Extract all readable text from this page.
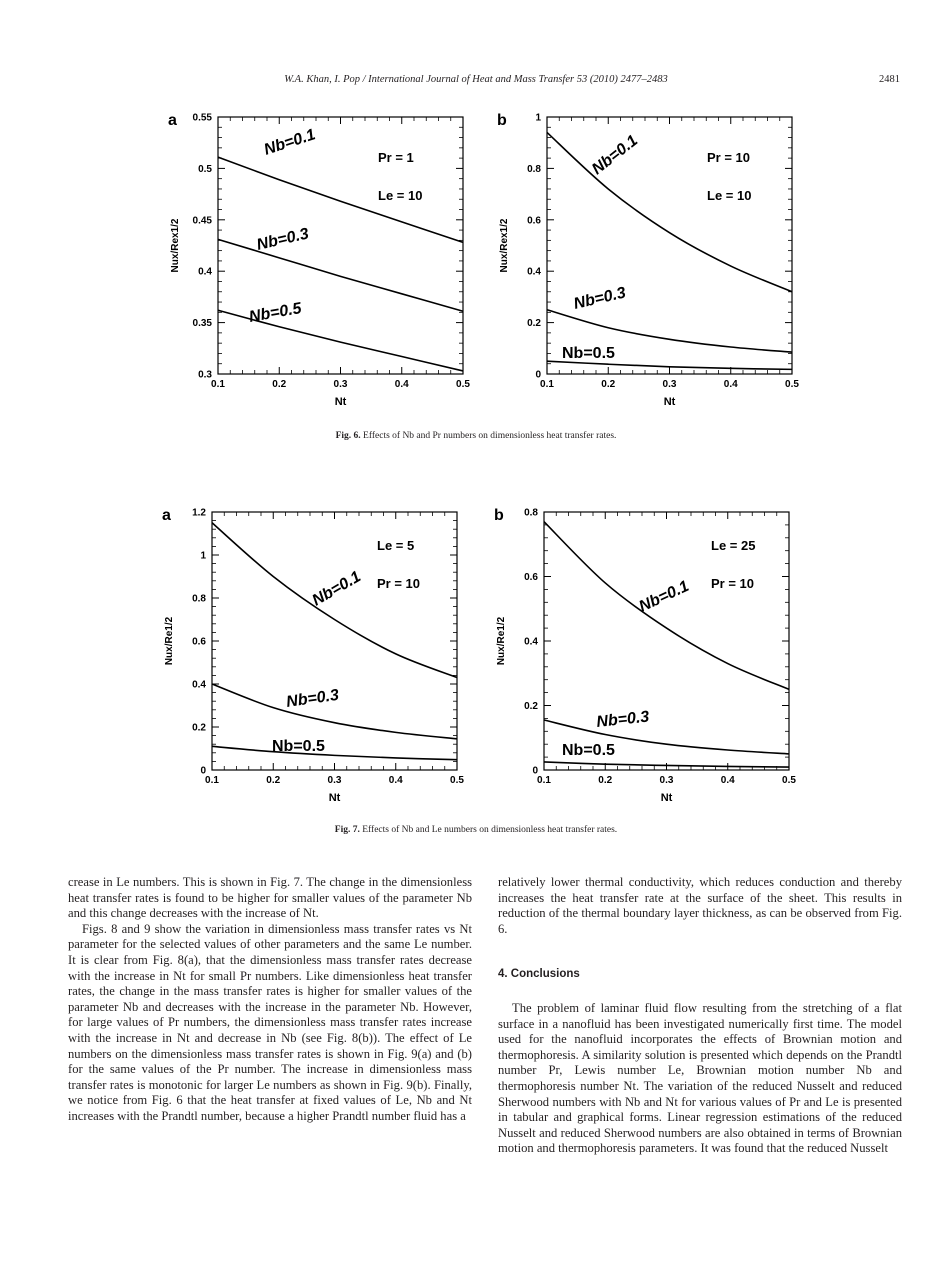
W.A. Khan, I. Pop / International Journal of Heat and Mass Transfer 53 (2010) 2477–2483	2481
0.1	0.2	0.3	0.4	0.5
0.3
0.35
0.4
0.45
0.5
0.55
Nt
Nux/Rex1/2
a
Pr = 1
Le = 10
Nb=0.1
Nb=0.3
Nb=0.5
0.1	0.2	0.3	0.4	0.5
0
0.2
0.4
0.6
0.8
1
Nt
Nux/Rex1/2
b
Pr = 10
Le = 10
Nb=0.1
Nb=0.3
Nb=0.5
Fig. 6. Effects of Nb and Pr numbers on dimensionless heat transfer rates.
0.1	0.2	0.3	0.4	0.5
0
0.2
0.4
0.6
0.8
1
1.2
Nt
Nux/Re1/2
a
Le = 5
Pr = 10
Nb=0.1
Nb=0.3
Nb=0.5
0.1	0.2	0.3	0.4	0.5
0
0.2
0.4
0.6
0.8
Nt
Nux/Re1/2
b
Le = 25
Pr = 10
Nb=0.1
Nb=0.3
Nb=0.5
Fig. 7. Effects of Nb and Le numbers on dimensionless heat transfer rates.

crease in Le numbers. This is shown in Fig. 7. The change in the dimensionless heat transfer rates is found to be higher for smaller values of the parameter Nb and this change decreases with the increase of Nt.

Figs. 8 and 9 show the variation in dimensionless mass transfer rates vs Nt parameter for the selected values of other parameters and the same Le number. It is clear from Fig. 8(a), that the dimensionless mass transfer rates decrease with the increase in Nt for small Pr numbers. Like dimensionless heat transfer rates, the change in the mass transfer rates is higher for smaller values of the parameter Nb and decreases with the increase in the parameter Nb. However, for large values of Pr numbers, the dimensionless mass transfer rates increase with the increase in Nt and decrease in Nb (see Fig. 8(b)). The effect of Le numbers on the dimensionless mass transfer rates is shown in Fig. 9(a) and (b) for the same values of the Pr number. The increase in dimensionless mass transfer rates is monotonic for larger Le numbers as shown in Fig. 9(b). Finally, we notice from Fig. 6 that the heat transfer at fixed values of Le, Nb and Nt increases with the Prandtl number, because a higher Prandtl number fluid has a

relatively lower thermal conductivity, which reduces conduction and thereby increases the heat transfer rate at the surface of the sheet. This results in reduction of the thermal boundary layer thickness, as can be observed from Fig. 6.

4. Conclusions

The problem of laminar fluid flow resulting from the stretching of a flat surface in a nanofluid has been investigated numerically first time. The model used for the nanofluid incorporates the effects of Brownian motion and thermophoresis. A similarity solution is presented which depends on the Prandtl number Pr, Lewis number Le, Brownian motion number Nb and thermophoresis number Nt. The variation of the reduced Nusselt and reduced Sherwood numbers with Nb and Nt for various values of Pr and Le is presented in tabular and graphical forms. Linear regression estimations of the reduced Nusselt and reduced Sherwood numbers are also obtained in terms of Brownian motion and thermophoresis parameters. It was found that the reduced Nusselt
